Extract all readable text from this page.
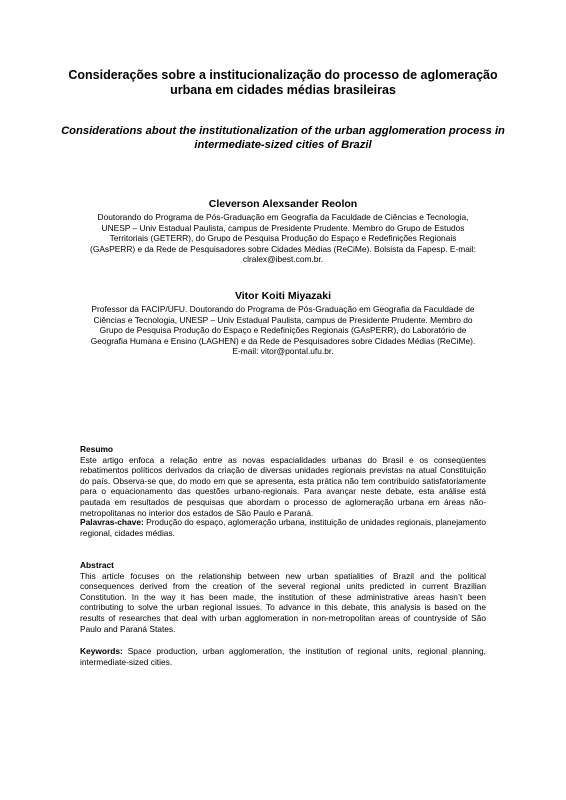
Considerações sobre a institucionalização do processo de aglomeração urbana em cidades médias brasileiras
Considerations about the institutionalization of the urban agglomeration process in intermediate-sized cities of Brazil
Cleverson Alexsander Reolon
Doutorando do Programa de Pós-Graduação em Geografia da Faculdade de Ciências e Tecnologia, UNESP – Univ Estadual Paulista, campus de Presidente Prudente. Membro do Grupo de Estudos Territoriais (GETERR), do Grupo de Pesquisa Produção do Espaço e Redefinições Regionais (GAsPERR) e da Rede de Pesquisadores sobre Cidades Médias (ReCiMe). Bolsista da Fapesp. E-mail: clralex@ibest.com.br.
Vitor Koiti Miyazaki
Professor da FACIP/UFU. Doutorando do Programa de Pós-Graduação em Geografia da Faculdade de Ciências e Tecnologia, UNESP – Univ Estadual Paulista, campus de Presidente Prudente. Membro do Grupo de Pesquisa Produção do Espaço e Redefinições Regionais (GAsPERR), do Laboratório de Geografia Humana e Ensino (LAGHEN) e da Rede de Pesquisadores sobre Cidades Médias (ReCiMe). E-mail: vitor@pontal.ufu.br.
Resumo
Este artigo enfoca a relação entre as novas espacialidades urbanas do Brasil e os conseqüentes rebatimentos políticos derivados da criação de diversas unidades regionais previstas na atual Constituição do país. Observa-se que, do modo em que se apresenta, esta prática não tem contribuído satisfatoriamente para o equacionamento das questões urbano-regionais. Para avançar neste debate, esta análise está pautada em resultados de pesquisas que abordam o processo de aglomeração urbana em áreas não-metropolitanas no interior dos estados de São Paulo e Paraná.
Palavras-chave: Produção do espaço, aglomeração urbana, instituição de unidades regionais, planejamento regional, cidades médias.
Abstract
This article focuses on the relationship between new urban spatialities of Brazil and the political consequences derived from the creation of the several regional units predicted in current Brazilian Constitution. In the way it has been made, the institution of these administrative areas hasn’t been contributing to solve the urban regional issues. To advance in this debate, this analysis is based on the results of researches that deal with urban agglomeration in non-metropolitan areas of countryside of São Paulo and Paraná States.
Keywords: Space production, urban agglomeration, the institution of regional units, regional planning, intermediate-sized cities.
